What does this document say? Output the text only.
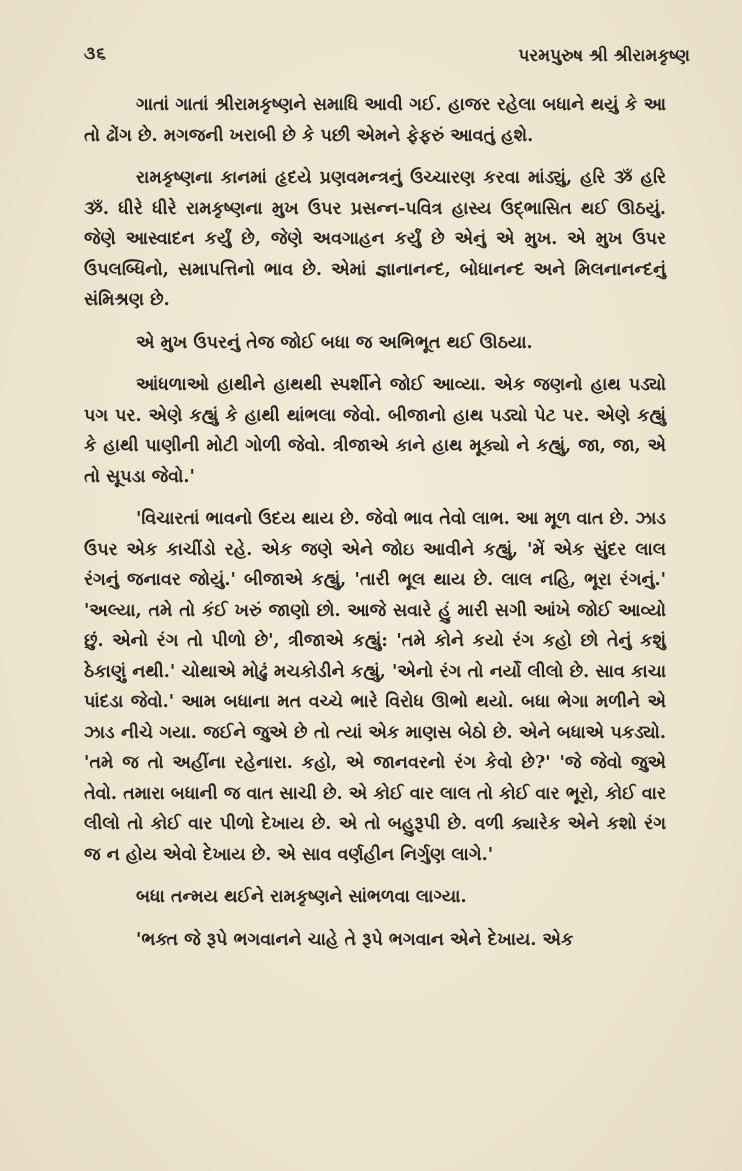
૩૬	પરમપુરુષ શ્રી શ્રીરામકૃષ્ણ

ગાતાં ગાતાં શ્રીરામકૃષ્ણને સમાધિ આવી ગઈ. હાજર રહેલા બધાને થયું કે આ તો ઢોંગ છે. મગજની ખરાબી છે કે પછી એમને ફેફરું આવતું હશે.

રામકૃષ્ણના કાનમાં હૃદયે પ્રણવમન્ત્રનું ઉચ્ચારણ કરવા માંડ્યું, હરિ ૐ હરિ ૐ. ધીરે ધીરે રામકૃષ્ણના મુખ ઉપર પ્રસન્ન-પવિત્ર હાસ્ય ઉદ્ભાસિત થઈ ઊઠયું. જેણે આસ્વાદન કર્યું છે, જેણે અવગાહન કર્યું છે એનું એ મુખ. એ મુખ ઉપર ઉપલબ્ધિનો, સમાપત્તિનો ભાવ છે. એમાં જ્ઞાનાનન્દ, બોધાનન્દ અને મિલનાનન્દનું સંમિશ્રણ છે.

એ મુખ ઉપરનું તેજ જોઈ બધા જ અભિભૂત થઈ ઊઠયા.

આંધળાઓ હાથીને હાથથી સ્પર્શીને જોઈ આવ્યા. એક જણનો હાથ પડ્યો પગ પર. એણે કહ્યું કે હાથી થાંભલા જેવો. બીજાનો હાથ પડ્યો પેટ પર. એણે કહ્યું કે હાથી પાણીની મોટી ગોળી જેવો. ત્રીજાએ કાને હાથ મૂક્યો ને કહ્યું, જા, જા, એ તો સૂપડા જેવો.'

'વિચારતાં ભાવનો ઉદય થાય છે. જેવો ભાવ તેવો લાભ. આ મૂળ વાત છે. ઝાડ ઉપર એક કાચીંડો રહે. એક જણે એને જોઇ આવીને કહ્યું, 'મેં એક સુંદર લાલ રંગનું જનાવર જોયું.' બીજાએ કહ્યું, 'તારી ભૂલ થાય છે. લાલ નહિ, ભૂરા રંગનું.' 'અલ્યા, તમે તો કંઈ ખરું જાણો છો. આજે સવારે હું મારી સગી આંખે જોઈ આવ્યો છું. એનો રંગ તો પીળો છે', ત્રીજાએ કહ્યું: 'તમે કોને કયો રંગ કહો છો તેનું કશું ઠેકાણું નથી.' ચોથાએ મોઢું મચકોડીને કહ્યું, 'એનો રંગ તો નર્યો લીલો છે. સાવ કાચા પાંદડા જેવો.' આમ બધાના મત વચ્ચે ભારે વિરોધ ઊભો થયો. બધા ભેગા મળીને એ ઝાડ નીચે ગયા. જઈને જુએ છે તો ત્યાં એક માણસ બેઠો છે. એને બધાએ પકડ્યો. 'તમે જ તો અહીંના રહેનારા. કહો, એ જાનવરનો રંગ કેવો છે?' 'જે જેવો જુએ તેવો. તમારા બધાની જ વાત સાચી છે. એ કોઈ વાર લાલ તો કોઈ વાર ભૂરો, કોઈ વાર લીલો તો કોઈ વાર પીળો દેખાય છે. એ તો બહુરૂપી છે. વળી ક્યારેક એને કશો રંગ જ ન હોય એવો દેખાય છે. એ સાવ વર્ણહીન નિર્ગુણ લાગે.'

બધા તન્મય થઈને રામકૃષ્ણને સાંભળવા લાગ્યા.

'ભક્ત જે રૂપે ભગવાનને ચાહે તે રૂપે ભગવાન એને દેખાય. એક
